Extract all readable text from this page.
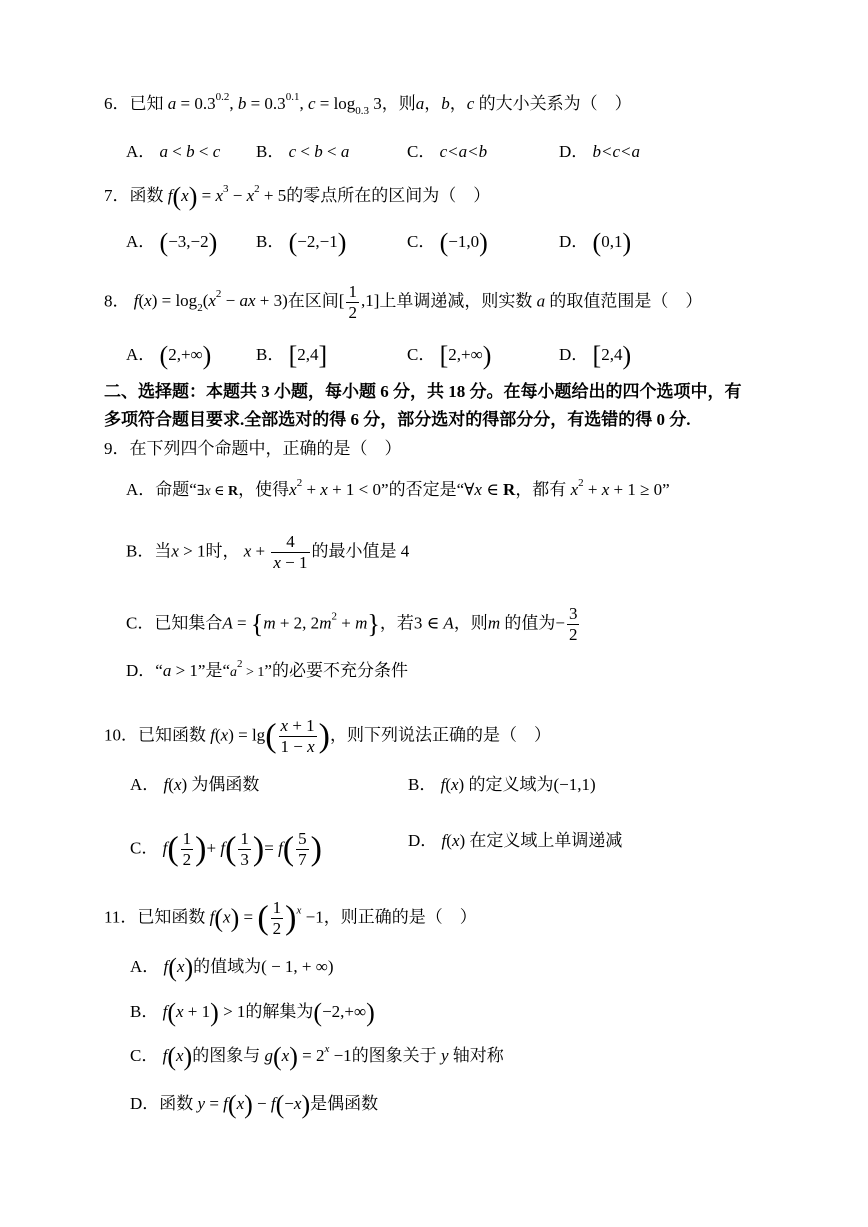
6．已知 $a = 0.3^{0.2}$, $b = 0.3^{0.1}$, $c = \log_{0.3} 3$，则a，b，c 的大小关系为（　）
A． a < b < c B． c < b < a	C． c<a<b	D． b<c<a
7．函数 $f(x) = x^3 - x^2 + 5$的零点所在的区间为（　）
A． (−3,−2) B． (−2,−1)	C． (−1,0)	D． (0,1)
8． $f(x) = \log_2(x^2$ − ax + 3)在区间[ $\frac{1}{2} ,1$]上单调递减，则实数 a 的取值范围是（　）
A． (2,+∞)	B． [2,4]	C． [2,+∞)	D． [2,4)
二、选择题：本题共 3 小题，每小题 6 分，共 18 分。在每小题给出的四个选项中，有
多项符合题目要求.全部选对的得 6 分，部分选对的得部分分，有选错的得 0 分.
9．在下列四个命题中，正确的是（　）
A．命题“∃x ∈ R，使得$x^2 + x + 1 < 0$”的否定是“∀x ∈ R，都有 $x^2 + x + 1 \ge 0$”
B．当x > 1时， $x + \frac{4}{x - 1}$ 的最小值是 4
C．已知集合A = {m + 2, $2m^2 + m$}，若3 ∈ A，则m 的值为− $\frac{3}{2}$
D．“a > 1”是“$a^2 > 1$”的必要不充分条件
10．已知函数 $f(x) = \lg( \frac{x + 1}{1 - x}$ )，则下列说法正确的是（　）
A． f(x) 为偶函数	B． f(x) 的定义域为(−1,1)
C． $f( \frac{1}{2}$ )+ $f( \frac{1}{3}$ )= $f( \frac{5}{7}$ )	D． f(x) 在定义域上单调递减
11．已知函数 f(x) = ( $\frac{1}{2} )^x -1$，则正确的是（　）
A． f(x)的值域为( − 1, + ∞)
B． f(x + 1) > 1的解集为(−2,+∞)
C． f(x)的图象与 $g(x) = 2^x -1$的图象关于 y 轴对称
D．函数 y = f(x) − f(−x)是偶函数
